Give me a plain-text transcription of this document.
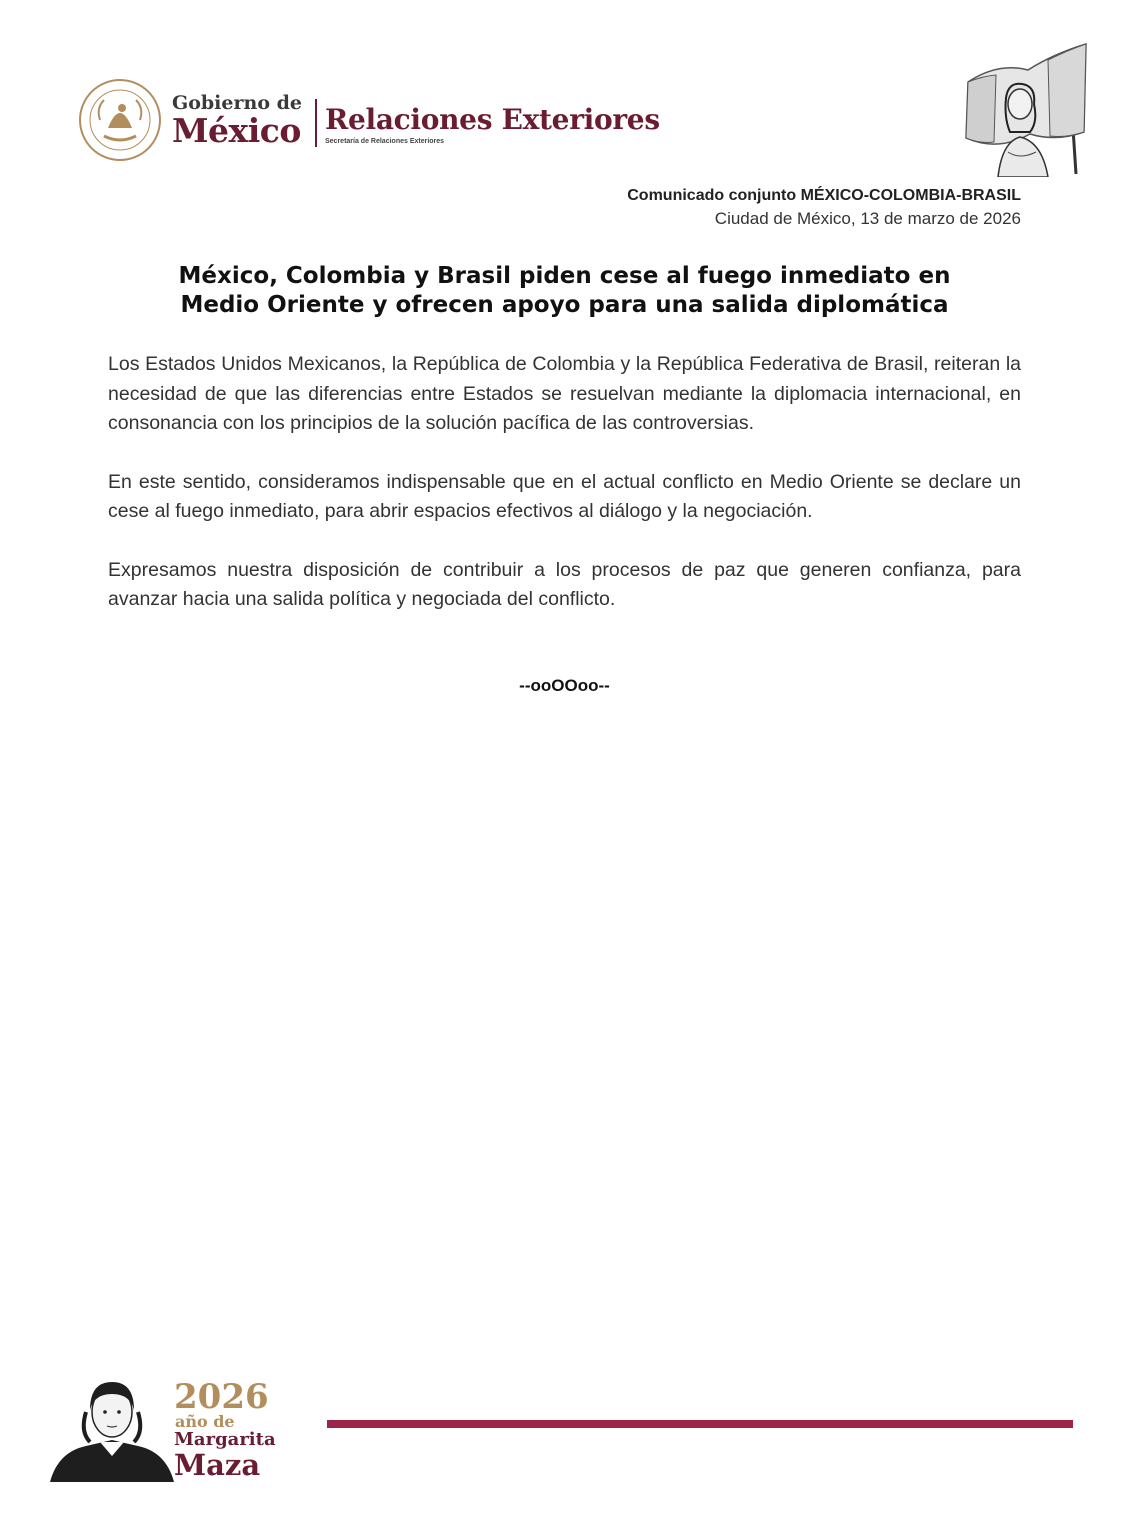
Gobierno de
México Relaciones Exteriores
Secretaría de Relaciones Exteriores
Comunicado conjunto MÉXICO-COLOMBIA-BRASIL
Ciudad de México, 13 de marzo de 2026
México, Colombia y Brasil piden cese al fuego inmediato en
Medio Oriente y ofrecen apoyo para una salida diplomática

Los Estados Unidos Mexicanos, la República de Colombia y la República Federativa de Brasil, reiteran la necesidad de que las diferencias entre Estados se resuelvan mediante la diplomacia internacional, en consonancia con los principios de la solución pacífica de las controversias.

En este sentido, consideramos indispensable que en el actual conflicto en Medio Oriente se declare un cese al fuego inmediato, para abrir espacios efectivos al diálogo y la negociación.

Expresamos nuestra disposición de contribuir a los procesos de paz que generen confianza, para avanzar hacia una salida política y negociada del conflicto.

--ooOOoo--
2026
año de
Margarita
Maza
